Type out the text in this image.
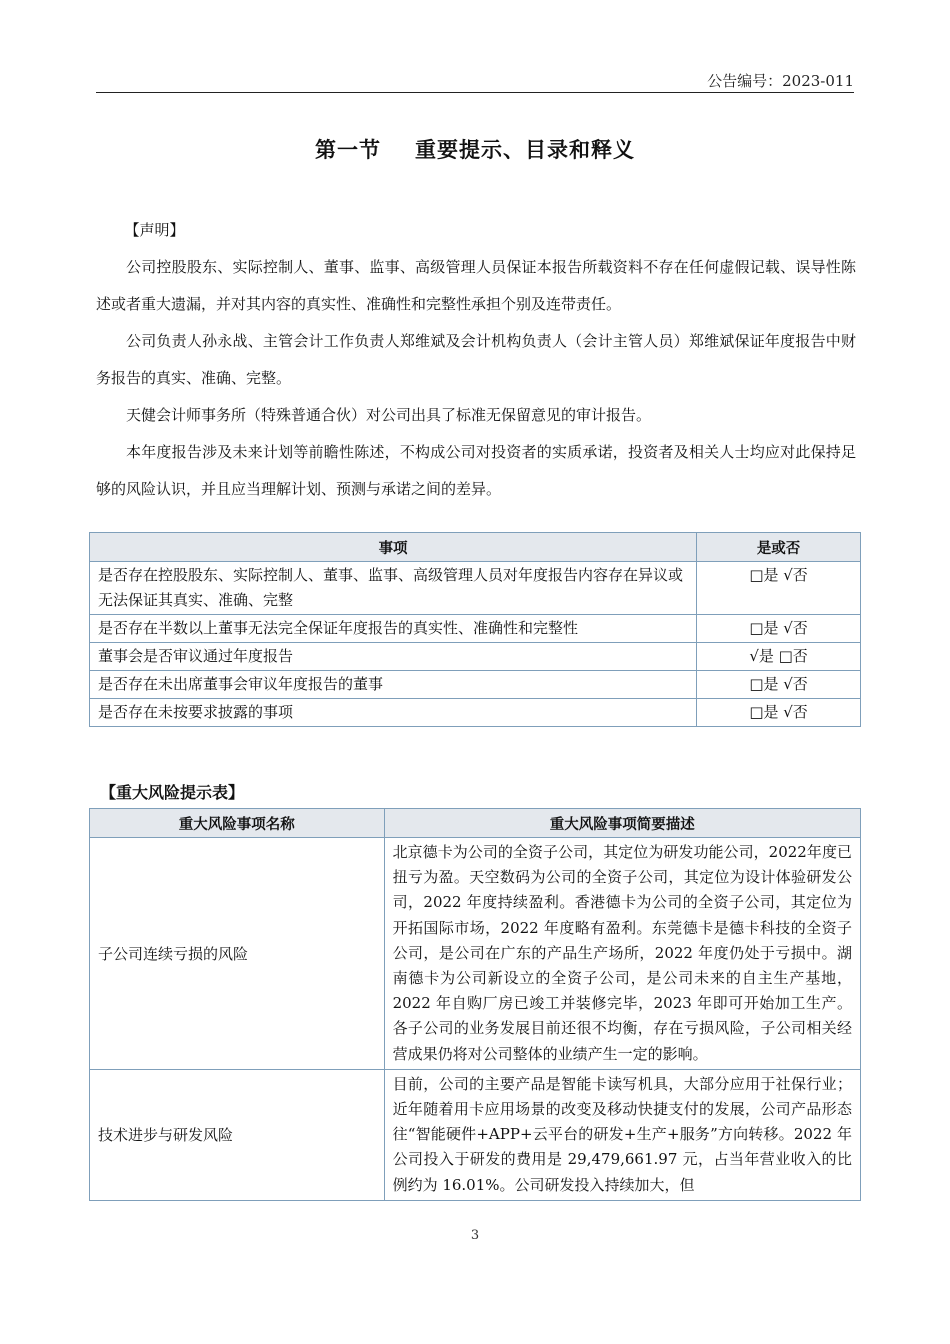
公告编号：2023-011
第一节 重要提示、目录和释义

【声明】

公司控股股东、实际控制人、董事、监事、高级管理人员保证本报告所载资料不存在任何虚假记载、误导性陈述或者重大遗漏，并对其内容的真实性、准确性和完整性承担个别及连带责任。

公司负责人孙永战、主管会计工作负责人郑维斌及会计机构负责人（会计主管人员）郑维斌保证年度报告中财务报告的真实、准确、完整。

天健会计师事务所（特殊普通合伙）对公司出具了标准无保留意见的审计报告。

本年度报告涉及未来计划等前瞻性陈述，不构成公司对投资者的实质承诺，投资者及相关人士均应对此保持足够的风险认识，并且应当理解计划、预测与承诺之间的差异。

事项	是或否
是否存在控股股东、实际控制人、董事、监事、高级管理人员对年度报告内容存在异议或无法保证其真实、准确、完整	□是 √否
是否存在半数以上董事无法完全保证年度报告的真实性、准确性和完整性	□是 √否
董事会是否审议通过年度报告	√是 □否
是否存在未出席董事会审议年度报告的董事	□是 √否
是否存在未按要求披露的事项	□是 √否
【重大风险提示表】
重大风险事项名称	重大风险事项简要描述
子公司连续亏损的风险	北京德卡为公司的全资子公司，其定位为研发功能公司，2022年度已扭亏为盈。天空数码为公司的全资子公司，其定位为设计体验研发公司，2022 年度持续盈利。香港德卡为公司的全资子公司，其定位为开拓国际市场，2022 年度略有盈利。东莞德卡是德卡科技的全资子公司，是公司在广东的产品生产场所，2022 年度仍处于亏损中。湖南德卡为公司新设立的全资子公司，是公司未来的自主生产基地，2022 年自购厂房已竣工并装修完毕，2023 年即可开始加工生产。各子公司的业务发展目前还很不均衡，存在亏损风险，子公司相关经营成果仍将对公司整体的业绩产生一定的影响。
技术进步与研发风险	目前，公司的主要产品是智能卡读写机具，大部分应用于社保行业；近年随着用卡应用场景的改变及移动快捷支付的发展，公司产品形态往“智能硬件+APP+云平台的研发+生产+服务”方向转移。2022 年公司投入于研发的费用是 29,479,661.97 元，占当年营业收入的比例约为 16.01%。公司研发投入持续加大，但
3
